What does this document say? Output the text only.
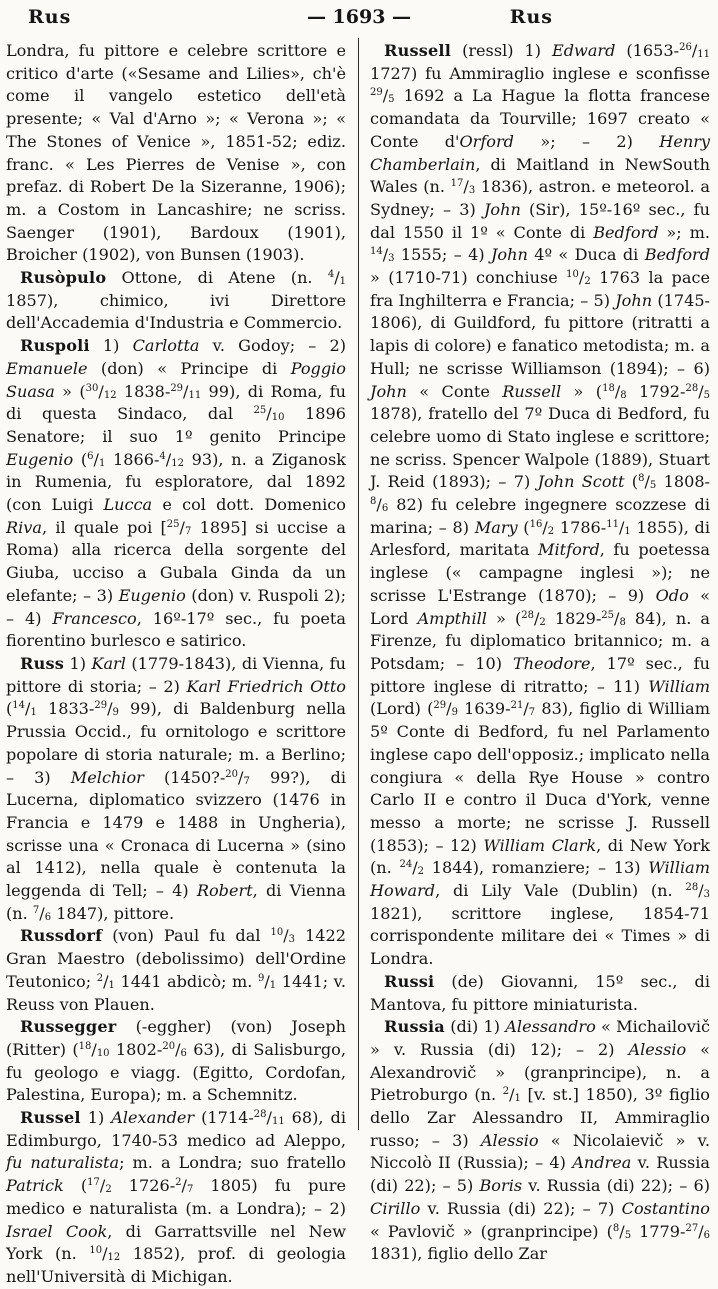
Rus	— 1693 —	Rus

Londra, fu pittore e celebre scrittore e critico d'arte («Sesame and Lilies», ch'è come il vangelo estetico dell'età presente; « Val d'Arno »; « Verona »; « The Stones of Venice », 1851-52; ediz. franc. « Les Pierres de Venise », con prefaz. di Robert De la Sizeranne, 1906); m. a Costom in Lancashire; ne scriss. Saenger (1901), Bardoux (1901), Broicher (1902), von Bunsen (1903).

Rusòpulo Ottone, di Atene (n. $^4/_1$ 1857), chimico, ivi Direttore dell'Accademia d'Industria e Commercio.

Ruspoli 1) Carlotta v. Godoy; – 2) Emanuele (don) « Principe di Poggio Suasa » ($^{30}/_{12}$ $1838-^{29}/_{11}$ 99), di Roma, fu di questa Sindaco, dal $^{25}/_{10}$ 1896 Senatore; il suo 1º genito Principe Eugenio ($^6/_1$ $1866-^4/_{12}$ 93), n. a Ziganosk in Rumenia, fu esploratore, dal 1892 (con Luigi Lucca e col dott. Domenico Riva, il quale poi [$^{25}/_7$ 1895] si uccise a Roma) alla ricerca della sorgente del Giuba, ucciso a Gubala Ginda da un elefante; – 3) Eugenio (don) v. Ruspoli 2); – 4) Francesco, 16º-17º sec., fu poeta fiorentino burlesco e satirico.

Russ 1) Karl (1779-1843), di Vienna, fu pittore di storia; – 2) Karl Friedrich Otto ($^{14}/_1$ $1833-^{29}/_9$ 99), di Baldenburg nella Prussia Occid., fu ornitologo e scrittore popolare di storia naturale; m. a Berlino; – 3) Melchior ($1450?-^{20}/_7$ 99?), di Lucerna, diplomatico svizzero (1476 in Francia e 1479 e 1488 in Ungheria), scrisse una « Cronaca di Lucerna » (sino al 1412), nella quale è contenuta la leggenda di Tell; – 4) Robert, di Vienna (n. $^7/_6$ 1847), pittore.

Russdorf (von) Paul fu dal $^{10}/_3$ 1422 Gran Maestro (debolissimo) dell'Ordine Teutonico; $^2/_1$ 1441 abdicò; m. $^9/_1$ 1441; v. Reuss von Plauen.

Russegger (-eggher) (von) Joseph (Ritter) ($^{18}/_{10}$ $1802-^{20}/_6$ 63), di Salisburgo, fu geologo e viagg. (Egitto, Cordofan, Palestina, Europa); m. a Schemnitz.

Russel 1) Alexander ($1714-^{28}/_{11}$ 68), di Edimburgo, 1740-53 medico ad Aleppo, fu naturalista; m. a Londra; suo fratello Patrick ($^{17}/_2$ $1726-^2/_7$ 1805) fu pure medico e naturalista (m. a Londra); – 2) Israel Cook, di Garrattsville nel New York (n. $^{10}/_{12}$ 1852), prof. di geologia nell'Università di Michigan.

Russell (ressl) 1) Edward ($1653-^{26}/_{11}$ 1727) fu Ammiraglio inglese e sconfisse $^{29}/_5$ 1692 a La Hague la flotta francese comandata da Tourville; 1697 creato « Conte d'Orford »; – 2) Henry Chamberlain, di Maitland in NewSouth Wales (n. $^{17}/_3$ 1836), astron. e meteorol. a Sydney; – 3) John (Sir), 15º-16º sec., fu dal 1550 il 1º « Conte di Bedford »; m. $^{14}/_3$ 1555; – 4) John 4º « Duca di Bedford » (1710-71) conchiuse $^{10}/_2$ 1763 la pace fra Inghilterra e Francia; – 5) John (1745-1806), di Guildford, fu pittore (ritratti a lapis di colore) e fanatico metodista; m. a Hull; ne scrisse Williamson (1894); – 6) John « Conte Russell » ($^{18}/_8$ $1792-^{28}/_5$ 1878), fratello del 7º Duca di Bedford, fu celebre uomo di Stato inglese e scrittore; ne scriss. Spencer Walpole (1889), Stuart J. Reid (1893); – 7) John Scott ($^8/_5$ $1808-^8/_6$ 82) fu celebre ingegnere scozzese di marina; – 8) Mary ($^{16}/_2$ $1786-^{11}/_1$ 1855), di Arlesford, maritata Mitford, fu poetessa inglese (« campagne inglesi »); ne scrisse L'Estrange (1870); – 9) Odo « Lord Ampthill » ($^{28}/_2$ $1829-^{25}/_8$ 84), n. a Firenze, fu diplomatico britannico; m. a Potsdam; – 10) Theodore, 17º sec., fu pittore inglese di ritratto; – 11) William (Lord) ($^{29}/_9$ $1639-^{21}/_7$ 83), figlio di William 5º Conte di Bedford, fu nel Parlamento inglese capo dell'opposiz.; implicato nella congiura « della Rye House » contro Carlo II e contro il Duca d'York, venne messo a morte; ne scrisse J. Russell (1853); – 12) William Clark, di New York (n. $^{24}/_2$ 1844), romanziere; – 13) William Howard, di Lily Vale (Dublin) (n. $^{28}/_3$ 1821), scrittore inglese, 1854-71 corrispondente militare dei « Times » di Londra.

Russi (de) Giovanni, 15º sec., di Mantova, fu pittore miniaturista.

Russia (di) 1) Alessandro « Michailovič » v. Russia (di) 12); – 2) Alessio « Alexandrovič » (granprincipe), n. a Pietroburgo (n. $^2/_1$ [v. st.] 1850), 3º figlio dello Zar Alessandro II, Ammiraglio russo; – 3) Alessio « Nicolaievič » v. Niccolò II (Russia); – 4) Andrea v. Russia (di) 22); – 5) Boris v. Russia (di) 22); – 6) Cirillo v. Russia (di) 22); – 7) Costantino « Pavlovič » (granprincipe) ($^8/_5$ $1779-^{27}/_6$ 1831), figlio dello Zar
